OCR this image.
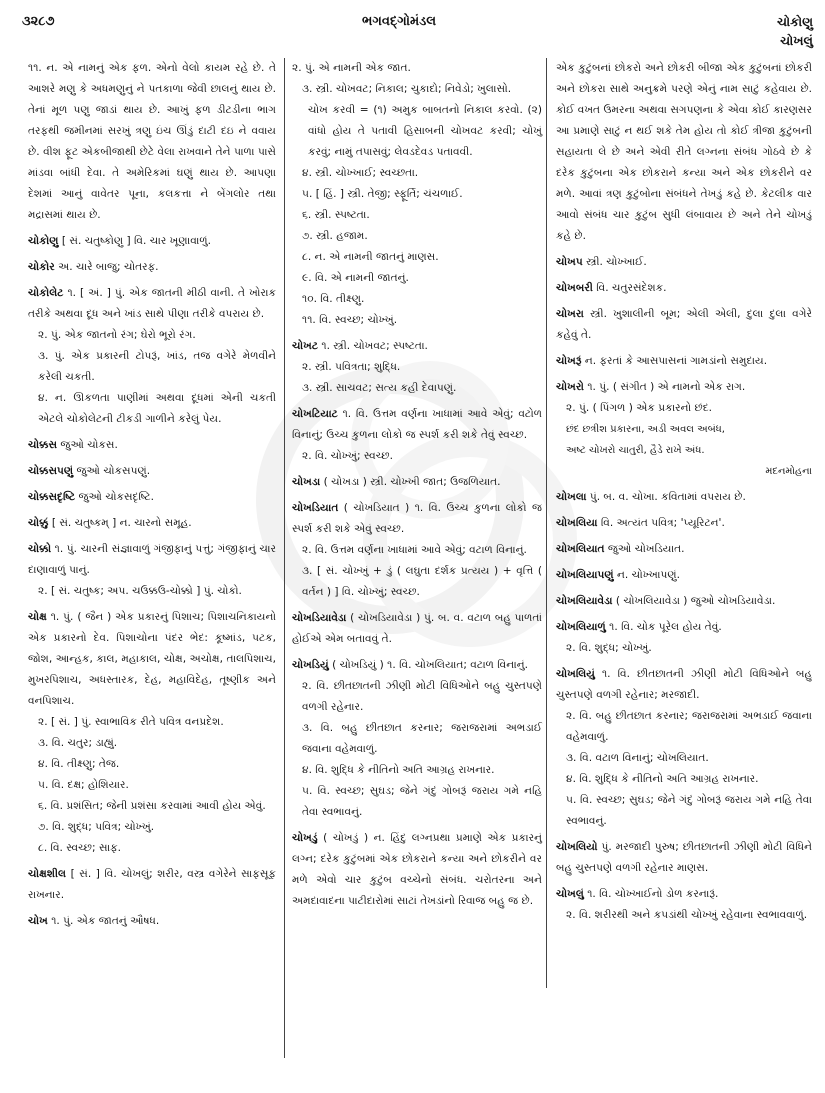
૩૨૮૭	ભગવદ્ગોમંડલ	ચોકોણુ
ચોખલું
૧૧. ન. એ નામનું એક ફળ. એનો વેલો કાયમ રહે છે. તે આશરે મણુ કે અધમણુનું ને પતકાળા જેવી છાલનું થાય છે. તેનાં મૂળ પણુ જાડાં થાય છે. આખું ફળ ડીટડીના ભાગ તરફથી જમીનમાં સરખું ત્રણુ ઇંચ ઊંડું દાટી દઇ ને વવાય છે. વીશ ફૂટ એકબીજાથી છેટે વેલા રાખવાને તેને પાળા પાસે માંડવા બાંધી દેવા. તે અમેરિકમાં ઘણું થાય છે. આપણા દેશમાં આનું વાવેતર પૂના, કલકત્તા ને બેંગલોર તથા મદ્રાસમાં થાય છે.
ચોકોણુ [ સં. ચતુષ્કોણુ ] વિ. ચાર ખૂણાવાળું.
ચોકોર અ. ચારે બાજુ; ચોતરફ.
ચોકોલેટ ૧. [ અં. ] પું. એક જાતની મીઠી વાની. તે ખોરાક તરીકે અથવા દૂધ અને ખાંડ સાથે પીણા તરીકે વપરાય છે.
૨. પું. એક જાતનો રંગ; ઘેરો ભૂરો રંગ.
૩. પું. એક પ્રકારની ટોપરૂં, ખાંડ, તજ વગેરે મેળવીને કરેલી ચકતી.
૪. ન. ઊકળતા પાણીમાં અથવા દૂધમાં એની ચકતી એટલે ચોકોલેટની ટીકડી ગાળીને કરેલું પેય.
ચોક્કસ જુઓ ચોકસ.
ચોક્કસપણું જુઓ ચોકસપણું.
ચોક્કસદૃષ્ટિ જુઓ ચોકસદૃષ્ટિ.
ચોક્કું [ સં. ચતુષ્કમ્ ] ન. ચારનો સમૂહ.
ચોક્કો ૧. પું. ચારની સંજ્ઞાવાળું ગંજીફાનું પત્તું; ગંજીફાનું ચાર દાણાવાળું પાનું.
૨. [ સં. ચતુષ્ક; અપ. ચઉક્કઉ-ચોક્કો ] પું. ચોકો.
ચોક્ષ ૧. પું. ( જૈન ) એક પ્રકારનું પિશાચ; પિશાચનિકાયનો એક પ્રકારનો દેવ. પિશાચોના પંદર ભેદ: કૂષ્માંડ, પટક, જોશ, આન્હક, કાલ, મહાકાલ, ચોક્ષ, અચોક્ષ, તાલપિશાચ, મુખરપિશાચ, અધસ્તારક, દેહ, મહાવિદેહ, તૂષ્ણીક અને વનપિશાચ.
૨. [ સં. ] પું. સ્વાભાવિક રીતે પવિત્ર વનપ્રદેશ.
૩. વિ. ચતુર; ડાહ્યું.
૪. વિ. તીક્ષ્ણુ; તેજ.
૫. વિ. દક્ષ; હોશિયાર.
૬. વિ. પ્રશંસિત; જેની પ્રશંસા કરવામાં આવી હોય એવું.
૭. વિ. શુદ્ધ; પવિત્ર; ચોખ્ખું.
૮. વિ. સ્વચ્છ; સાફ.
ચોક્ષશીલ [ સં. ] વિ. ચોખલું; શરીર, વસ્ત્ર વગેરેને સાફસૂફ રાખનાર.
ચોખ ૧. પું. એક જાતનું ઔષધ.
૨. પું. એ નામની એક જાત.
૩. સ્ત્રી. ચોખવટ; નિકાલ; ચુકાદો; નિવેડો; ખુલાસો.
ચોખ કરવી = (૧) અમુક બાબતનો નિકાલ કરવો. (૨) વાંધો હોય તે પતાવી હિસાબની ચોખવટ કરવી; ચોખું કરવું; નામું તપાસવું; લેવડદેવડ પતાવવી.
૪. સ્ત્રી. ચોખ્ખાઈ; સ્વચ્છતા.
૫. [ હિં. ] સ્ત્રી. તેજી; સ્ફૂર્તિ; ચંચળાઈ.
૬. સ્ત્રી. સ્પષ્ટતા.
૭. સ્ત્રી. હજામ.
૮. ન. એ નામની જાતનું માણસ.
૯. વિ. એ નામની જાતનું.
૧૦. વિ. તીક્ષ્ણુ.
૧૧. વિ. સ્વચ્છ; ચોખ્ખું.
ચોખટ ૧. સ્ત્રી. ચોખવટ; સ્પષ્ટતા.
૨. સ્ત્રી. પવિત્રતા; શુદ્ધિ.
૩. સ્ત્રી. સાચવટ; સત્ય કહી દેવાપણું.
ચોખટિયાટ ૧. વિ. ઉત્તમ વર્ણના ખાધામાં આવે એવું; વટોળ વિનાનું; ઉચ્ચ કુળના લોકો જ સ્પર્શ કરી શકે તેવું સ્વચ્છ.
૨. વિ. ચોખ્ખું; સ્વચ્છ.
ચોખડા ( ચોખડા ) સ્ત્રી. ચોખ્ખી જાત; ઉજળિયાત.
ચોખડિયાત ( ચોખડિયાત ) ૧. વિ. ઉચ્ચ કુળના લોકો જ સ્પર્શ કરી શકે એવું સ્વચ્છ.
૨. વિ. ઉત્તમ વર્ણના ખાધામાં આવે એવું; વટાળ વિનાનું.
૩. [ સં. ચોખ્ખું + ડું ( લઘુતા દર્શક પ્રત્યય ) + વૃત્તિ ( વર્તન ) ] વિ. ચોખ્ખું; સ્વચ્છ.
ચોખડિયાવેડા ( ચોખડિયાવેડા ) પું. બ. વ. વટાળ બહુ પાળતાં હોઈએ એમ બતાવવું તે.
ચોખડિયું ( ચોખડિયું ) ૧. વિ. ચોખલિયાત; વટાળ વિનાનું.
૨. વિ. છીતછાતની ઝીણી મોટી વિધિઓને બહુ ચુસ્તપણે વળગી રહેનાર.
૩. વિ. બહુ છીતછાત કરનાર; જરાજરામાં અભડાઈ જવાના વહેમવાળું.
૪. વિ. શુદ્ધિ કે નીતિનો અતિ આગ્રહ રાખનાર.
૫. વિ. સ્વચ્છ; સુઘડ; જેને ગંદું ગોબરૂં જરાય ગમે નહિ તેવા સ્વભાવનું.
ચોખડું ( ચોખડું ) ન. હિંદુ લગ્નપ્રથા પ્રમાણે એક પ્રકારનું લગ્ન; દરેક કુટુંબમાં એક છોકરાને કન્યા અને છોકરીને વર મળે એવો ચાર કુટુંબ વચ્ચેનો સંબંધ. ચરોતરના અને અમદાવાદના પાટીદારોમાં સાટાં તેખડાંનો રિવાજ બહુ જ છે.
એક કુટુંબનાં છોકરો અને છોકરી બીજા એક કુટુંબનાં છોકરી અને છોકરા સાથે અનુક્રમે પરણે એનું નામ સાટું કહેવાય છે. કોઈ વખત ઉમરના અથવા સગપણના કે એવા કોઈ કારણસર આ પ્રમાણે સાટું ન થઈ શકે તેમ હોય તો કોઈ ત્રીજા કુટુંબની સહાયતા લે છે અને એવી રીતે લગ્નના સંબંધ ગોઠવે છે કે દરેક કુટુંબના એક છોકરાને કન્યા અને એક છોકરીને વર મળે. આવાં ત્રણ કુટુંબોના સંબંધને તેખડું કહે છે. કેટલીક વાર આવો સંબંધ ચાર કુટુંબ સુધી લંબાવાય છે અને તેને ચોખડું કહે છે.
ચોખપ સ્ત્રી. ચોખ્ખાઈ.
ચોખબરી વિ. ચતુરસંદેશક.
ચોખરા સ્ત્રી. ખુશાલીની બૂમ; એલી એલી, દુલા દુલા વગેરે કહેવું તે.
ચોખરૂં ન. ફરતાં કે આસપાસનાં ગામડાંનો સમુદાય.
ચોખરો ૧. પું. ( સંગીત ) એ નામનો એક રાગ.
૨. પું. ( પિંગળ ) એક પ્રકારનો છંદ.
છંદ છત્રીશ પ્રકારના, અડી અવલ અબંધ,
અષ્ટ ચોખરો ચાતુરી, હૈડે રાખે અંધ.
મદનમોહના
ચોખલા પું. બ. વ. ચોખા. કવિતામાં વપરાય છે.
ચોખલિયા વિ. અત્યંત પવિત્ર; 'પ્યૂરિટન'.
ચોખલિયાત જુઓ ચોખડિયાત.
ચોખલિયાપણું ન. ચોખ્ખાપણું.
ચોખલિયાવેડા ( ચોખલિયાવેડા ) જુઓ ચોખડિયાવેડા.
ચોખલિયાળું ૧. વિ. ચોક પૂરેલ હોય તેવું.
૨. વિ. શુદ્ધ; ચોખ્ખું.
ચોખલિયું ૧. વિ. છીતછાતની ઝીણી મોટી વિધિઓને બહુ ચુસ્તપણે વળગી રહેનાર; મરજાદી.
૨. વિ. બહુ છીતછાત કરનાર; જરાજરામાં અભડાઈ જવાના વહેમવાળું.
૩. વિ. વટાળ વિનાનું; ચોખલિયાત.
૪. વિ. શુદ્ધિ કે નીતિનો અતિ આગ્રહ રાખનાર.
૫. વિ. સ્વચ્છ; સુઘડ; જેને ગંદું ગોબરૂં જરાય ગમે નહિ તેવા સ્વભાવનું.
ચોખલિયો પું. મરજાદી પુરુષ; છીતછાતની ઝીણી મોટી વિધિને બહુ ચુસ્તપણે વળગી રહેનાર માણસ.
ચોખલું ૧. વિ. ચોખ્ખાઈનો ડોળ કરનારૂં.
૨. વિ. શરીરથી અને કપડાંથી ચોખ્ખું રહેવાના સ્વભાવવાળું.
